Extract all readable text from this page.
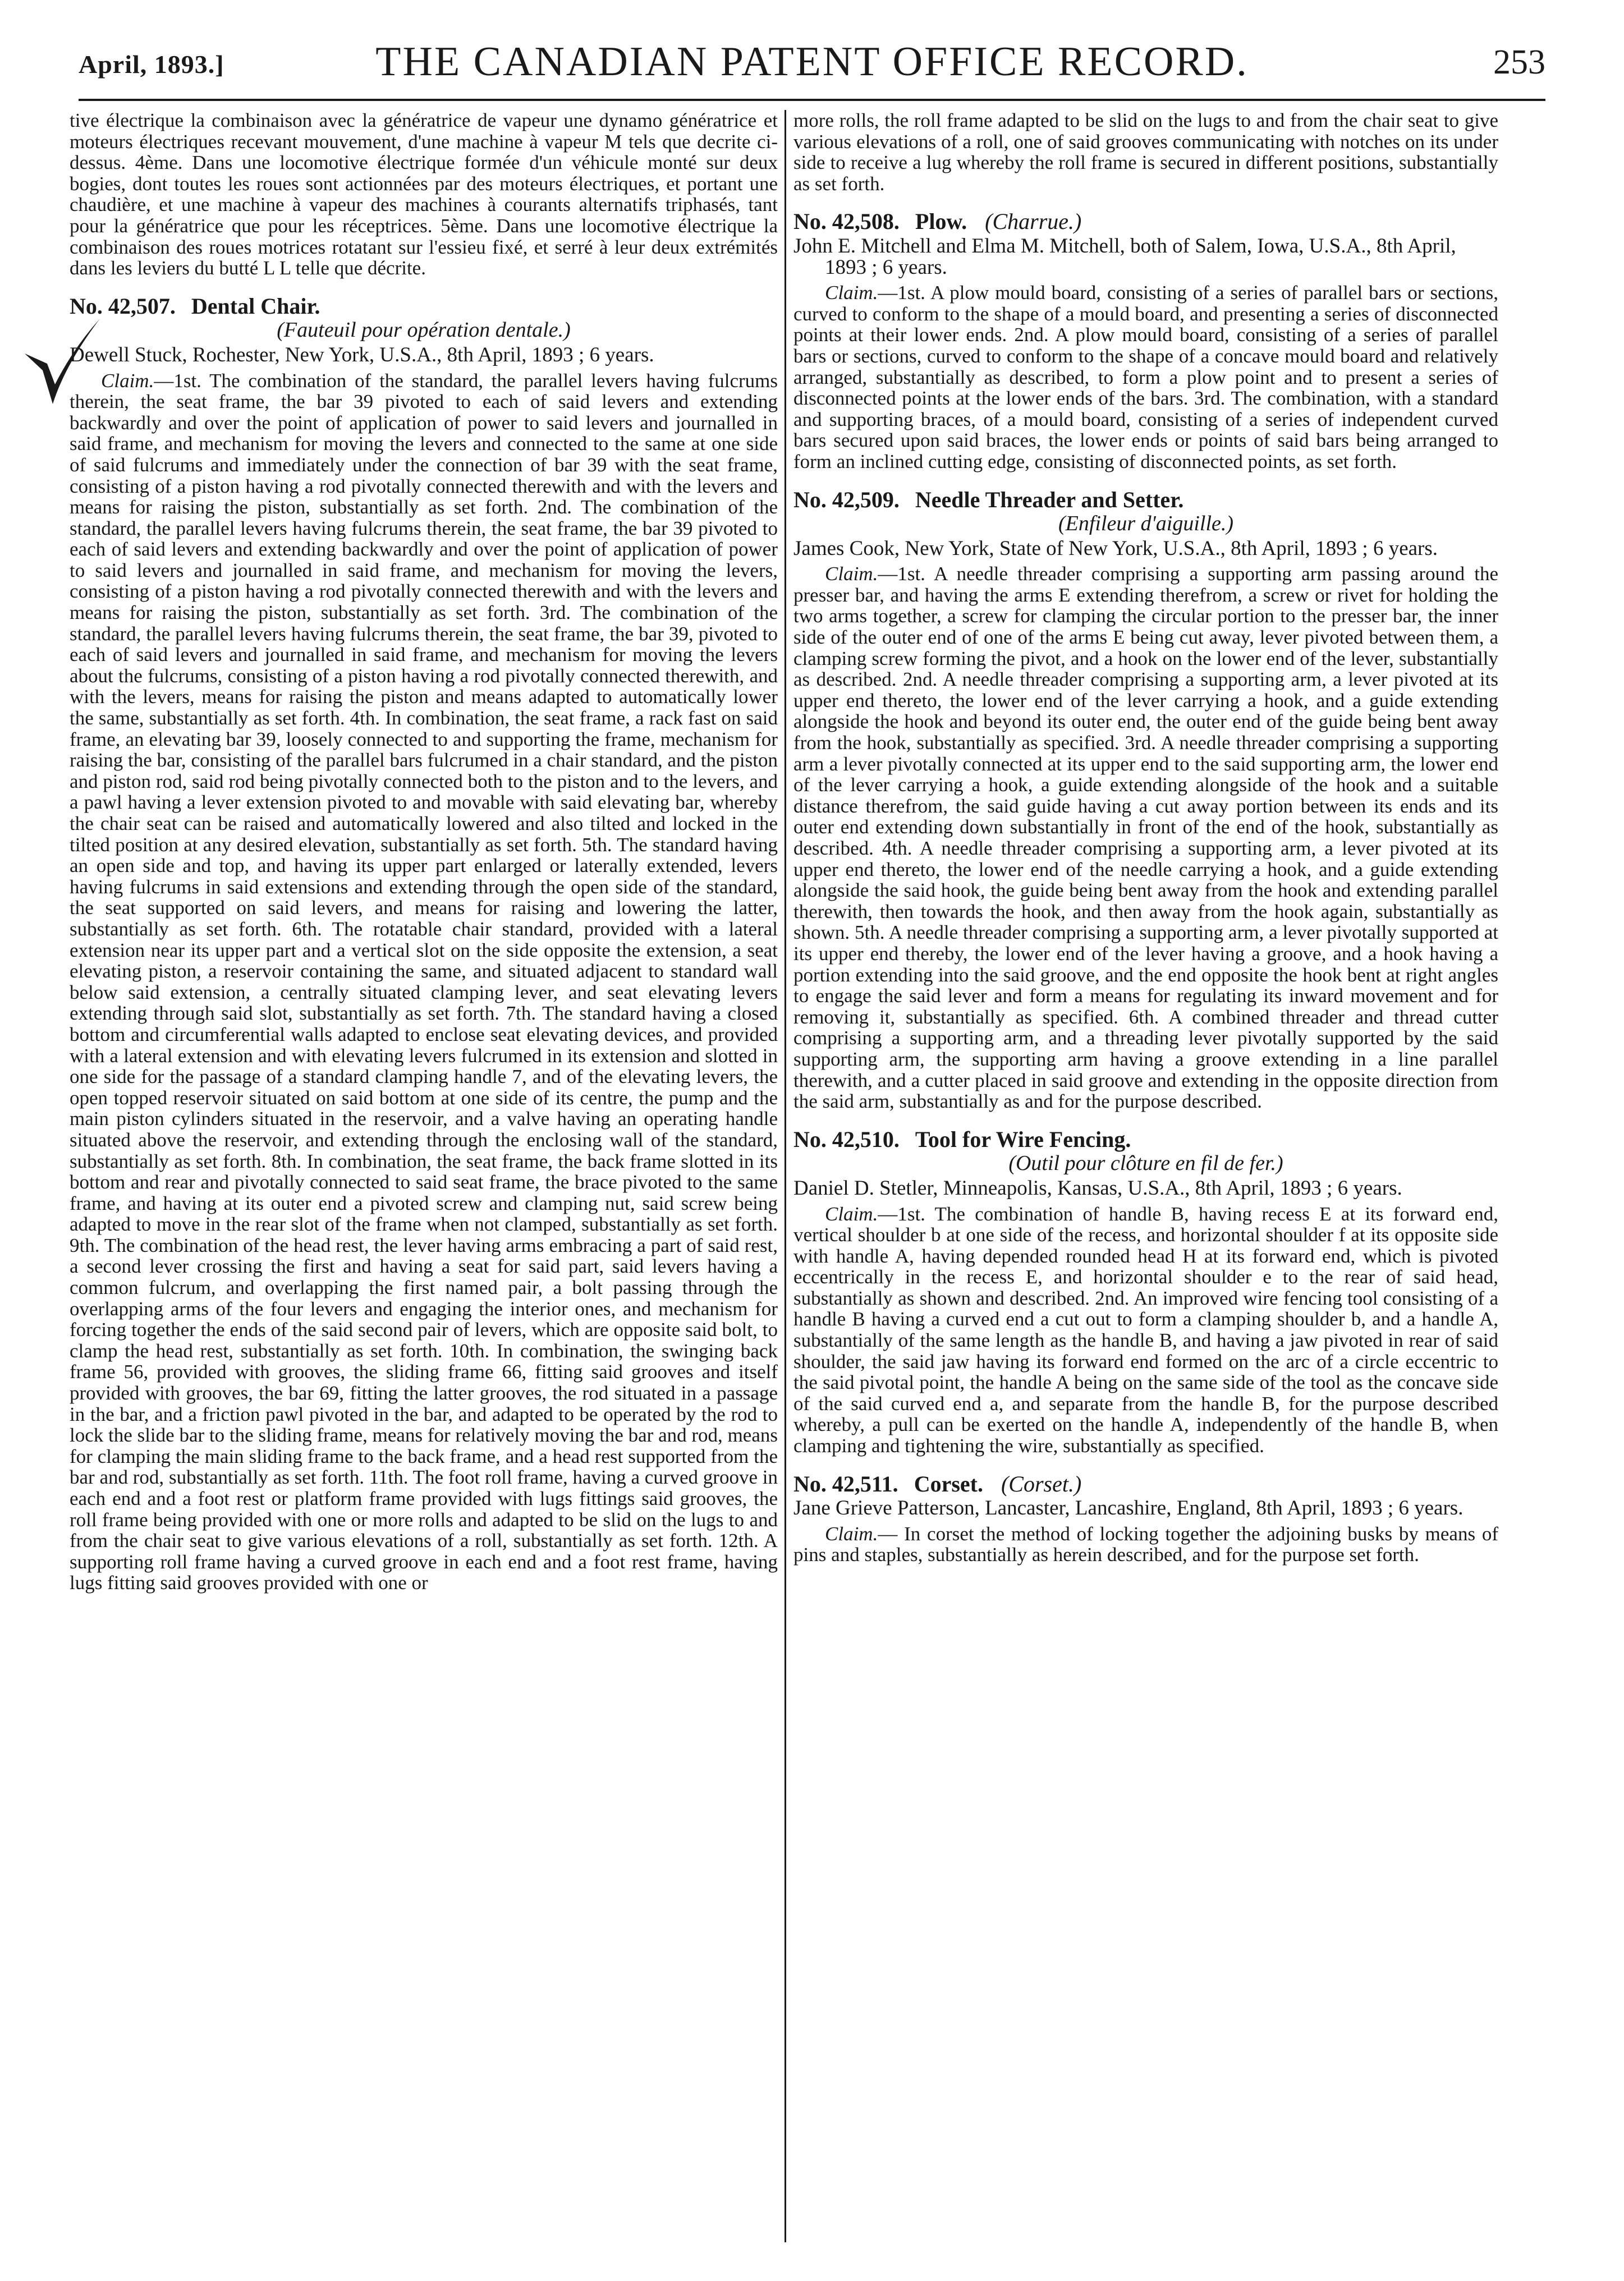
April, 1893.]	THE CANADIAN PATENT OFFICE RECORD.	253

tive électrique la combinaison avec la génératrice de vapeur une dynamo génératrice et moteurs électriques recevant mouvement, d'une machine à vapeur M tels que decrite ci-dessus. 4ème. Dans une locomotive électrique formée d'un véhicule monté sur deux bogies, dont toutes les roues sont actionnées par des moteurs électriques, et portant une chaudière, et une machine à vapeur des machines à courants alternatifs triphasés, tant pour la génératrice que pour les réceptrices. 5ème. Dans une locomotive électrique la combinaison des roues motrices rotatant sur l'essieu fixé, et serré à leur deux extrémités dans les leviers du butté L L telle que décrite.

No. 42,507. Dental Chair.
(Fauteuil pour opération dentale.)

Dewell Stuck, Rochester, New York, U.S.A., 8th April, 1893 ; 6 years.

Claim.—1st. The combination of the standard, the parallel levers having fulcrums therein, the seat frame, the bar 39 pivoted to each of said levers and extending backwardly and over the point of application of power to said levers and journalled in said frame, and mechanism for moving the levers and connected to the same at one side of said fulcrums and immediately under the connection of bar 39 with the seat frame, consisting of a piston having a rod pivotally connected therewith and with the levers and means for raising the piston, substantially as set forth. 2nd. The combination of the standard, the parallel levers having fulcrums therein, the seat frame, the bar 39 pivoted to each of said levers and extending backwardly and over the point of application of power to said levers and journalled in said frame, and mechanism for moving the levers, consisting of a piston having a rod pivotally connected therewith and with the levers and means for raising the piston, substantially as set forth. 3rd. The combination of the standard, the parallel levers having fulcrums therein, the seat frame, the bar 39, pivoted to each of said levers and journalled in said frame, and mechanism for moving the levers about the fulcrums, consisting of a piston having a rod pivotally connected therewith, and with the levers, means for raising the piston and means adapted to automatically lower the same, substantially as set forth. 4th. In combination, the seat frame, a rack fast on said frame, an elevating bar 39, loosely connected to and supporting the frame, mechanism for raising the bar, consisting of the parallel bars fulcrumed in a chair standard, and the piston and piston rod, said rod being pivotally connected both to the piston and to the levers, and a pawl having a lever extension pivoted to and movable with said elevating bar, whereby the chair seat can be raised and automatically lowered and also tilted and locked in the tilted position at any desired elevation, substantially as set forth. 5th. The standard having an open side and top, and having its upper part enlarged or laterally extended, levers having fulcrums in said extensions and extending through the open side of the standard, the seat supported on said levers, and means for raising and lowering the latter, substantially as set forth. 6th. The rotatable chair standard, provided with a lateral extension near its upper part and a vertical slot on the side opposite the extension, a seat elevating piston, a reservoir containing the same, and situated adjacent to standard wall below said extension, a centrally situated clamping lever, and seat elevating levers extending through said slot, substantially as set forth. 7th. The standard having a closed bottom and circumferential walls adapted to enclose seat elevating devices, and provided with a lateral extension and with elevating levers fulcrumed in its extension and slotted in one side for the passage of a standard clamping handle 7, and of the elevating levers, the open topped reservoir situated on said bottom at one side of its centre, the pump and the main piston cylinders situated in the reservoir, and a valve having an operating handle situated above the reservoir, and extending through the enclosing wall of the standard, substantially as set forth. 8th. In combination, the seat frame, the back frame slotted in its bottom and rear and pivotally connected to said seat frame, the brace pivoted to the same frame, and having at its outer end a pivoted screw and clamping nut, said screw being adapted to move in the rear slot of the frame when not clamped, substantially as set forth. 9th. The combination of the head rest, the lever having arms embracing a part of said rest, a second lever crossing the first and having a seat for said part, said levers having a common fulcrum, and overlapping the first named pair, a bolt passing through the overlapping arms of the four levers and engaging the interior ones, and mechanism for forcing together the ends of the said second pair of levers, which are opposite said bolt, to clamp the head rest, substantially as set forth. 10th. In combination, the swinging back frame 56, provided with grooves, the sliding frame 66, fitting said grooves and itself provided with grooves, the bar 69, fitting the latter grooves, the rod situated in a passage in the bar, and a friction pawl pivoted in the bar, and adapted to be operated by the rod to lock the slide bar to the sliding frame, means for relatively moving the bar and rod, means for clamping the main sliding frame to the back frame, and a head rest supported from the bar and rod, substantially as set forth. 11th. The foot roll frame, having a curved groove in each end and a foot rest or platform frame provided with lugs fittings said grooves, the roll frame being provided with one or more rolls and adapted to be slid on the lugs to and from the chair seat to give various elevations of a roll, substantially as set forth. 12th. A supporting roll frame having a curved groove in each end and a foot rest frame, having lugs fitting said grooves provided with one or

more rolls, the roll frame adapted to be slid on the lugs to and from the chair seat to give various elevations of a roll, one of said grooves communicating with notches on its under side to receive a lug whereby the roll frame is secured in different positions, substantially as set forth.

No. 42,508. Plow. (Charrue.)

John E. Mitchell and Elma M. Mitchell, both of Salem, Iowa, U.S.A., 8th April, 1893 ; 6 years.

Claim.—1st. A plow mould board, consisting of a series of parallel bars or sections, curved to conform to the shape of a mould board, and presenting a series of disconnected points at their lower ends. 2nd. A plow mould board, consisting of a series of parallel bars or sections, curved to conform to the shape of a concave mould board and relatively arranged, substantially as described, to form a plow point and to present a series of disconnected points at the lower ends of the bars. 3rd. The combination, with a standard and supporting braces, of a mould board, consisting of a series of independent curved bars secured upon said braces, the lower ends or points of said bars being arranged to form an inclined cutting edge, consisting of disconnected points, as set forth.

No. 42,509. Needle Threader and Setter.
(Enfileur d'aiguille.)

James Cook, New York, State of New York, U.S.A., 8th April, 1893 ; 6 years.

Claim.—1st. A needle threader comprising a supporting arm passing around the presser bar, and having the arms E extending therefrom, a screw or rivet for holding the two arms together, a screw for clamping the circular portion to the presser bar, the inner side of the outer end of one of the arms E being cut away, lever pivoted between them, a clamping screw forming the pivot, and a hook on the lower end of the lever, substantially as described. 2nd. A needle threader comprising a supporting arm, a lever pivoted at its upper end thereto, the lower end of the lever carrying a hook, and a guide extending alongside the hook and beyond its outer end, the outer end of the guide being bent away from the hook, substantially as specified. 3rd. A needle threader comprising a supporting arm a lever pivotally connected at its upper end to the said supporting arm, the lower end of the lever carrying a hook, a guide extending alongside of the hook and a suitable distance therefrom, the said guide having a cut away portion between its ends and its outer end extending down substantially in front of the end of the hook, substantially as described. 4th. A needle threader comprising a supporting arm, a lever pivoted at its upper end thereto, the lower end of the needle carrying a hook, and a guide extending alongside the said hook, the guide being bent away from the hook and extending parallel therewith, then towards the hook, and then away from the hook again, substantially as shown. 5th. A needle threader comprising a supporting arm, a lever pivotally supported at its upper end thereby, the lower end of the lever having a groove, and a hook having a portion extending into the said groove, and the end opposite the hook bent at right angles to engage the said lever and form a means for regulating its inward movement and for removing it, substantially as specified. 6th. A combined threader and thread cutter comprising a supporting arm, and a threading lever pivotally supported by the said supporting arm, the supporting arm having a groove extending in a line parallel therewith, and a cutter placed in said groove and extending in the opposite direction from the said arm, substantially as and for the purpose described.

No. 42,510. Tool for Wire Fencing.
(Outil pour clôture en fil de fer.)

Daniel D. Stetler, Minneapolis, Kansas, U.S.A., 8th April, 1893 ; 6 years.

Claim.—1st. The combination of handle B, having recess E at its forward end, vertical shoulder b at one side of the recess, and horizontal shoulder f at its opposite side with handle A, having depended rounded head H at its forward end, which is pivoted eccentrically in the recess E, and horizontal shoulder e to the rear of said head, substantially as shown and described. 2nd. An improved wire fencing tool consisting of a handle B having a curved end a cut out to form a clamping shoulder b, and a handle A, substantially of the same length as the handle B, and having a jaw pivoted in rear of said shoulder, the said jaw having its forward end formed on the arc of a circle eccentric to the said pivotal point, the handle A being on the same side of the tool as the concave side of the said curved end a, and separate from the handle B, for the purpose described whereby, a pull can be exerted on the handle A, independently of the handle B, when clamping and tightening the wire, substantially as specified.

No. 42,511. Corset. (Corset.)

Jane Grieve Patterson, Lancaster, Lancashire, England, 8th April, 1893 ; 6 years.

Claim.— In corset the method of locking together the adjoining busks by means of pins and staples, substantially as herein described, and for the purpose set forth.
